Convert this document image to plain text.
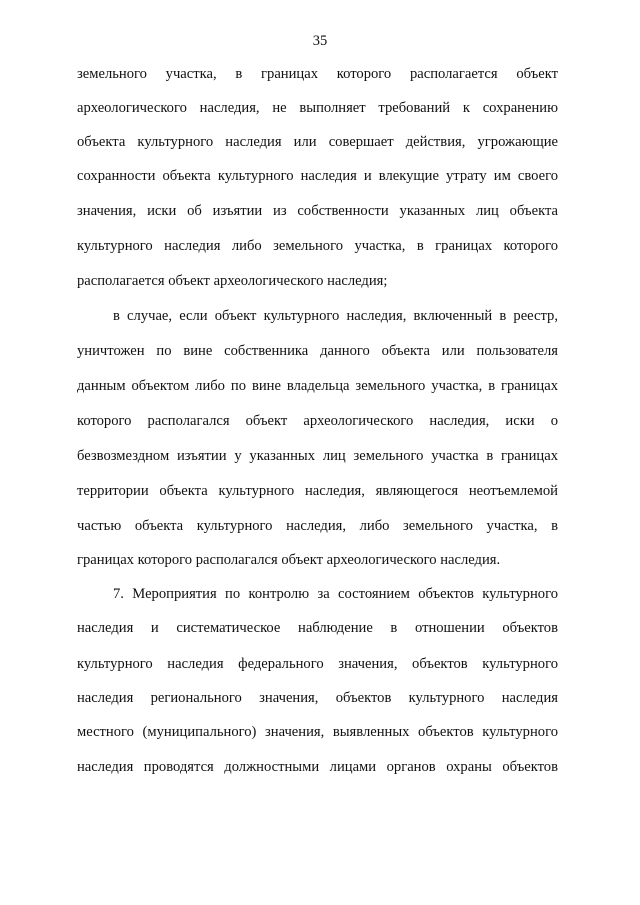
35
земельного участка, в границах которого располагается объект
археологического наследия, не выполняет требований к сохранению
объекта культурного наследия или совершает действия, угрожающие
сохранности объекта культурного наследия и влекущие утрату им своего
значения, иски об изъятии из собственности указанных лиц объекта
культурного наследия либо земельного участка, в границах которого
располагается объект археологического наследия;
в случае, если объект культурного наследия, включенный в реестр,
уничтожен по вине собственника данного объекта или пользователя
данным объектом либо по вине владельца земельного участка, в границах
которого располагался объект археологического наследия, иски о
безвозмездном изъятии у указанных лиц земельного участка в границах
территории объекта культурного наследия, являющегося неотъемлемой
частью объекта культурного наследия, либо земельного участка, в
границах которого располагался объект археологического наследия.
7. Мероприятия по контролю за состоянием объектов культурного
наследия и систематическое наблюдение в отношении объектов
культурного наследия федерального значения, объектов культурного
наследия регионального значения, объектов культурного наследия
местного (муниципального) значения, выявленных объектов культурного
наследия проводятся должностными лицами органов охраны объектов
